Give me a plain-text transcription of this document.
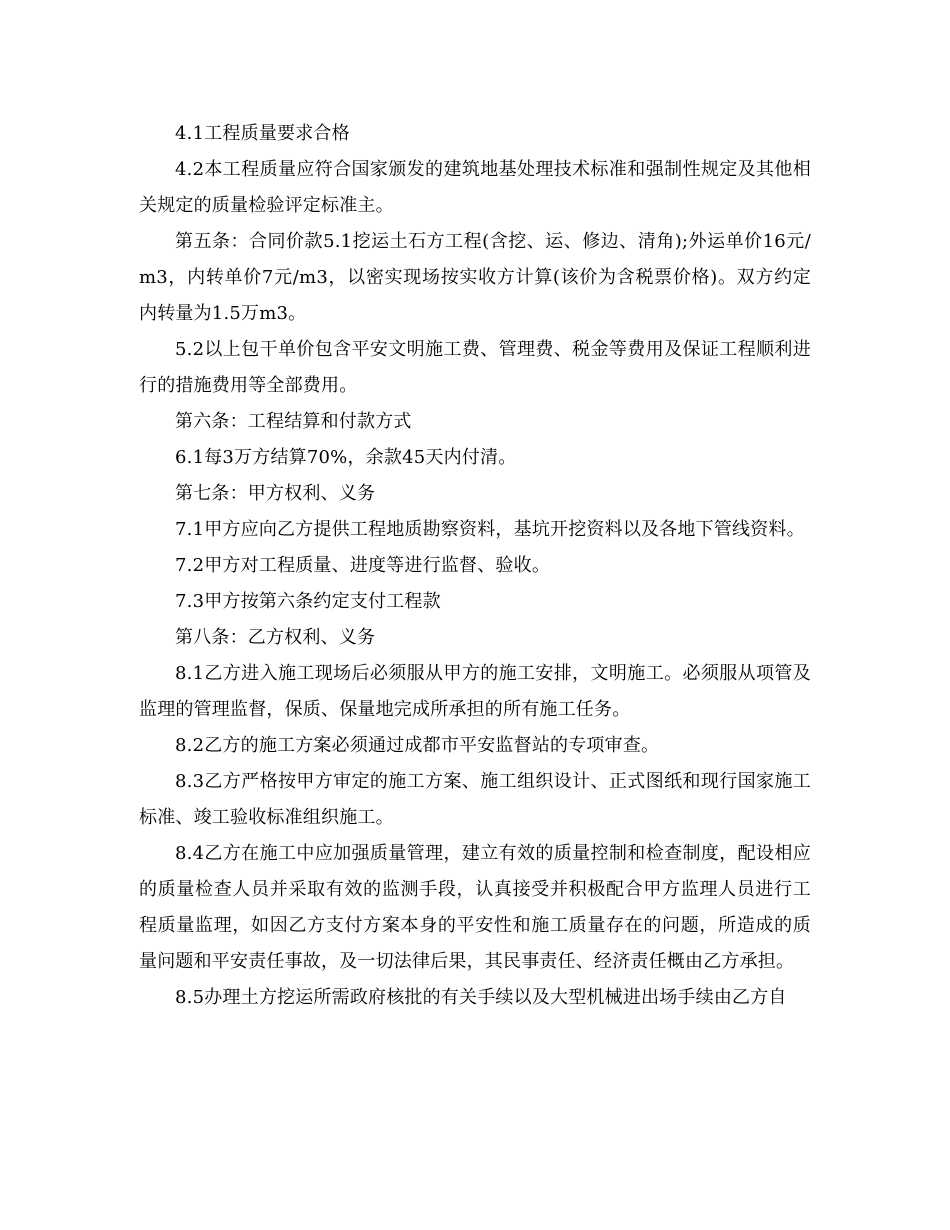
4.1工程质量要求合格

4.2本工程质量应符合国家颁发的建筑地基处理技术标准和强制性规定及其他相关规定的质量检验评定标准主。

第五条：合同价款5.1挖运土石方工程(含挖、运、修边、清角);外运单价16元/m3，内转单价7元/m3，以密实现场按实收方计算(该价为含税票价格)。双方约定内转量为1.5万m3。

5.2以上包干单价包含平安文明施工费、管理费、税金等费用及保证工程顺利进行的措施费用等全部费用。

第六条：工程结算和付款方式

6.1每3万方结算70%，余款45天内付清。

第七条：甲方权利、义务

7.1甲方应向乙方提供工程地质勘察资料，基坑开挖资料以及各地下管线资料。

7.2甲方对工程质量、进度等进行监督、验收。

7.3甲方按第六条约定支付工程款

第八条：乙方权利、义务

8.1乙方进入施工现场后必须服从甲方的施工安排，文明施工。必须服从项管及监理的管理监督，保质、保量地完成所承担的所有施工任务。

8.2乙方的施工方案必须通过成都市平安监督站的专项审查。

8.3乙方严格按甲方审定的施工方案、施工组织设计、正式图纸和现行国家施工标准、竣工验收标准组织施工。

8.4乙方在施工中应加强质量管理，建立有效的质量控制和检查制度，配设相应的质量检查人员并采取有效的监测手段，认真接受并积极配合甲方监理人员进行工程质量监理，如因乙方支付方案本身的平安性和施工质量存在的问题，所造成的质量问题和平安责任事故，及一切法律后果，其民事责任、经济责任概由乙方承担。

8.5办理土方挖运所需政府核批的有关手续以及大型机械进出场手续由乙方自
